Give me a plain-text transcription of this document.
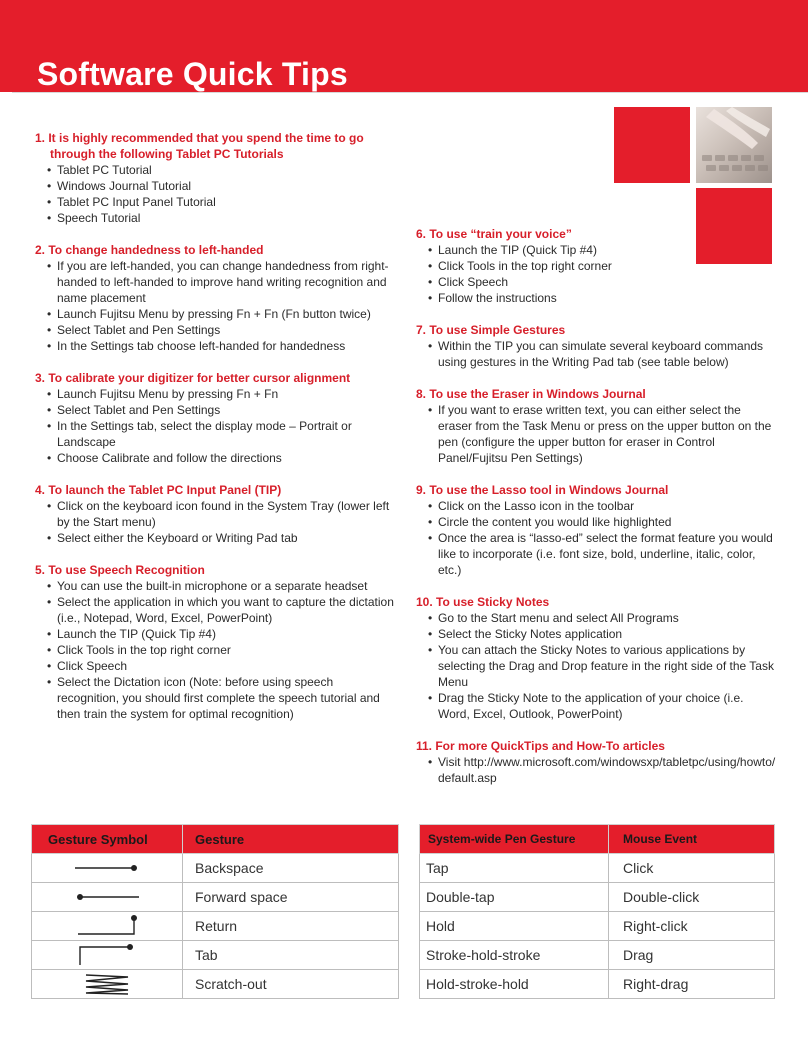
Software Quick Tips

1. It is highly recommended that you spend the time to go through the following Tablet PC Tutorials

• Tablet PC Tutorial
• Windows Journal Tutorial
• Tablet PC Input Panel Tutorial
• Speech Tutorial

2. To change handedness to left-handed

• If you are left-handed, you can change handedness from right-handed to left-handed to improve hand writing recognition and name placement
• Launch Fujitsu Menu by pressing Fn + Fn (Fn button twice)
• Select Tablet and Pen Settings
• In the Settings tab choose left-handed for handedness

3. To calibrate your digitizer for better cursor alignment

• Launch Fujitsu Menu by pressing Fn + Fn
• Select Tablet and Pen Settings
• In the Settings tab, select the display mode – Portrait or Landscape
• Choose Calibrate and follow the directions

4. To launch the Tablet PC Input Panel (TIP)

• Click on the keyboard icon found in the System Tray (lower left by the Start menu)
• Select either the Keyboard or Writing Pad tab

5. To use Speech Recognition

• You can use the built-in microphone or a separate headset
• Select the application in which you want to capture the dictation (i.e., Notepad, Word, Excel, PowerPoint)
• Launch the TIP (Quick Tip #4)
• Click Tools in the top right corner
• Click Speech
• Select the Dictation icon (Note: before using speech recognition, you should first complete the speech tutorial and then train the system for optimal recognition)

6. To use “train your voice”

• Launch the TIP (Quick Tip #4)
• Click Tools in the top right corner
• Click Speech
• Follow the instructions

7. To use Simple Gestures

• Within the TIP you can simulate several keyboard commands using gestures in the Writing Pad tab (see table below)

8. To use the Eraser in Windows Journal

• If you want to erase written text, you can either select the eraser from the Task Menu or press on the upper button on the pen (configure the upper button for eraser in Control Panel/Fujitsu Pen Settings)

9. To use the Lasso tool in Windows Journal

• Click on the Lasso icon in the toolbar
• Circle the content you would like highlighted
• Once the area is “lasso-ed” select the format feature you would like to incorporate (i.e. font size, bold, underline, italic, color, etc.)

10. To use Sticky Notes

• Go to the Start menu and select All Programs
• Select the Sticky Notes application
• You can attach the Sticky Notes to various applications by selecting the Drag and Drop feature in the right side of the Task Menu
• Drag the Sticky Note to the application of your choice (i.e. Word, Excel, Outlook, PowerPoint)

11. For more QuickTips and How-To articles

• Visit http://www.microsoft.com/windowsxp/tabletpc/using/howto/default.asp
Gesture Symbol	Gesture

	Backspace

	Forward space

	Return

	Tab

	Scratch-out
System-wide Pen Gesture	Mouse Event
Tap	Click
Double-tap	Double-click
Hold	Right-click
Stroke-hold-stroke	Drag
Hold-stroke-hold	Right-drag
